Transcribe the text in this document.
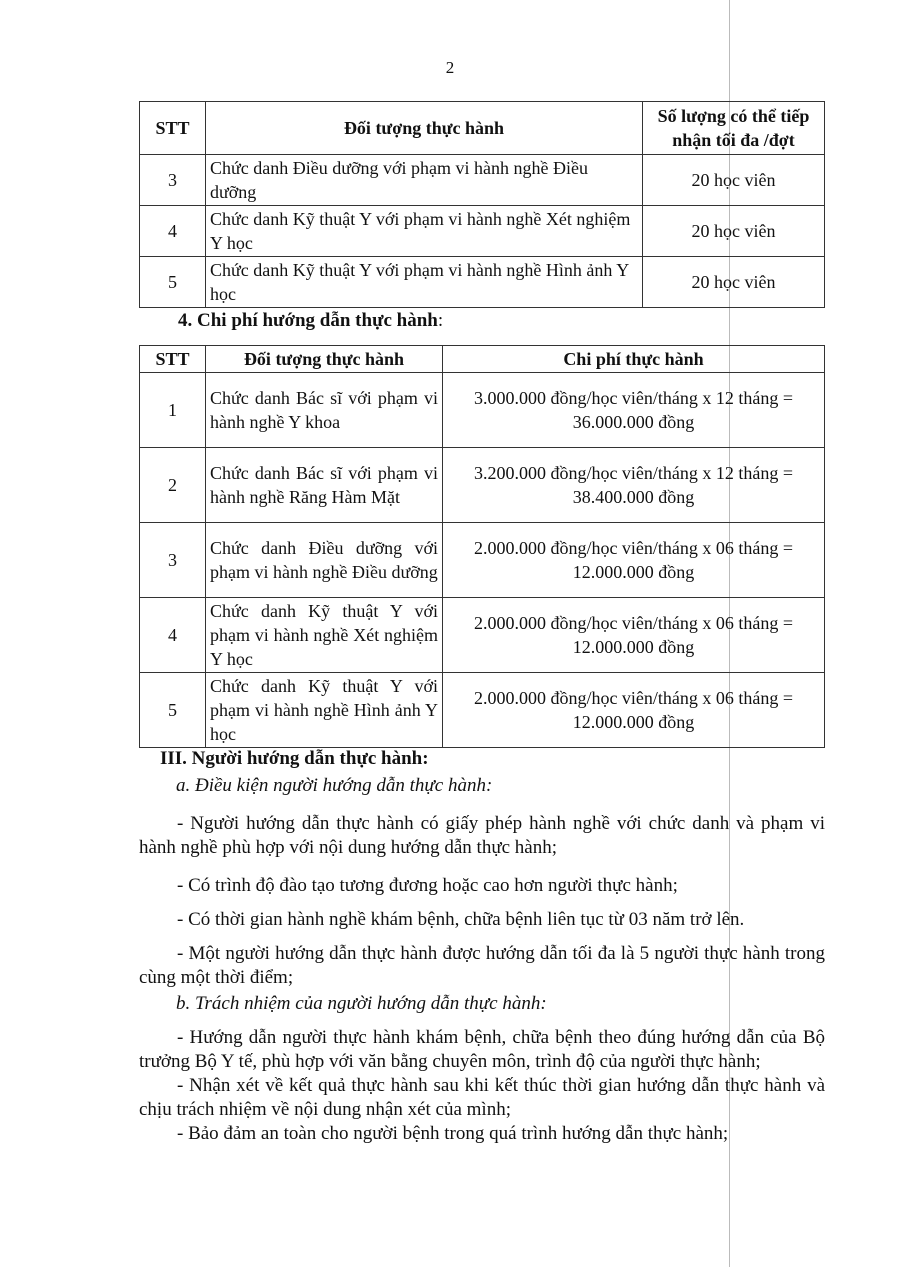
2
STT	Đối tượng thực hành	Số lượng có thể tiếp nhận tối đa /đợt
3	Chức danh Điều dưỡng với phạm vi hành nghề Điều dưỡng	20 học viên
4	Chức danh Kỹ thuật Y với phạm vi hành nghề Xét nghiệm Y học	20 học viên
5	Chức danh Kỹ thuật Y với phạm vi hành nghề Hình ảnh Y học	20 học viên
4. Chi phí hướng dẫn thực hành:
STT	Đối tượng thực hành	Chi phí thực hành
1	Chức danh Bác sĩ với phạm vi hành nghề Y khoa	3.000.000 đồng/học viên/tháng x 12 tháng = 36.000.000 đồng
2	Chức danh Bác sĩ với phạm vi hành nghề Răng Hàm Mặt	3.200.000 đồng/học viên/tháng x 12 tháng = 38.400.000 đồng
3	Chức danh Điều dưỡng với phạm vi hành nghề Điều dưỡng	2.000.000 đồng/học viên/tháng x 06 tháng = 12.000.000 đồng
4	Chức danh Kỹ thuật Y với phạm vi hành nghề Xét nghiệm Y học	2.000.000 đồng/học viên/tháng x 06 tháng = 12.000.000 đồng
5	Chức danh Kỹ thuật Y với phạm vi hành nghề Hình ảnh Y học	2.000.000 đồng/học viên/tháng x 06 tháng = 12.000.000 đồng
III. Người hướng dẫn thực hành:
a. Điều kiện người hướng dẫn thực hành:

- Người hướng dẫn thực hành có giấy phép hành nghề với chức danh và phạm vi hành nghề phù hợp với nội dung hướng dẫn thực hành;

- Có trình độ đào tạo tương đương hoặc cao hơn người thực hành;

- Có thời gian hành nghề khám bệnh, chữa bệnh liên tục từ 03 năm trở lên.

- Một người hướng dẫn thực hành được hướng dẫn tối đa là 5 người thực hành trong cùng một thời điểm;

b. Trách nhiệm của người hướng dẫn thực hành:

- Hướng dẫn người thực hành khám bệnh, chữa bệnh theo đúng hướng dẫn của Bộ trưởng Bộ Y tế, phù hợp với văn bằng chuyên môn, trình độ của người thực hành;

- Nhận xét về kết quả thực hành sau khi kết thúc thời gian hướng dẫn thực hành và chịu trách nhiệm về nội dung nhận xét của mình;

- Bảo đảm an toàn cho người bệnh trong quá trình hướng dẫn thực hành;
